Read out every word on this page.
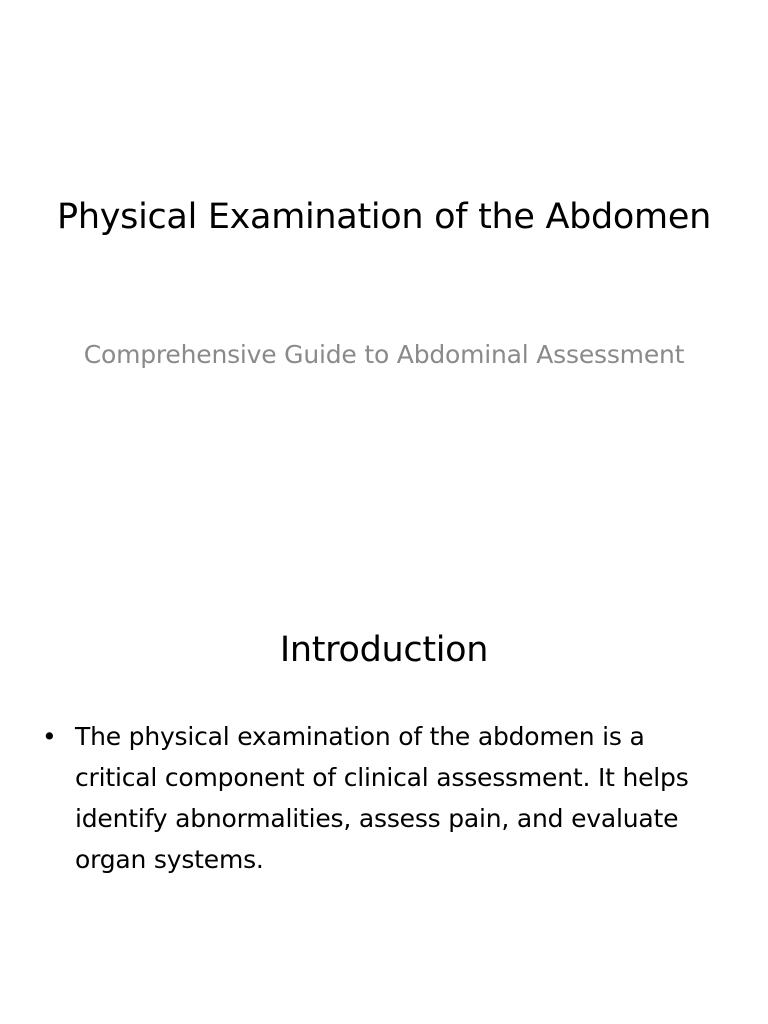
Physical Examination of the Abdomen

Comprehensive Guide to Abdominal Assessment

Introduction
• The physical examination of the abdomen is a critical component of clinical assessment. It helps identify abnormalities, assess pain, and evaluate organ systems.
